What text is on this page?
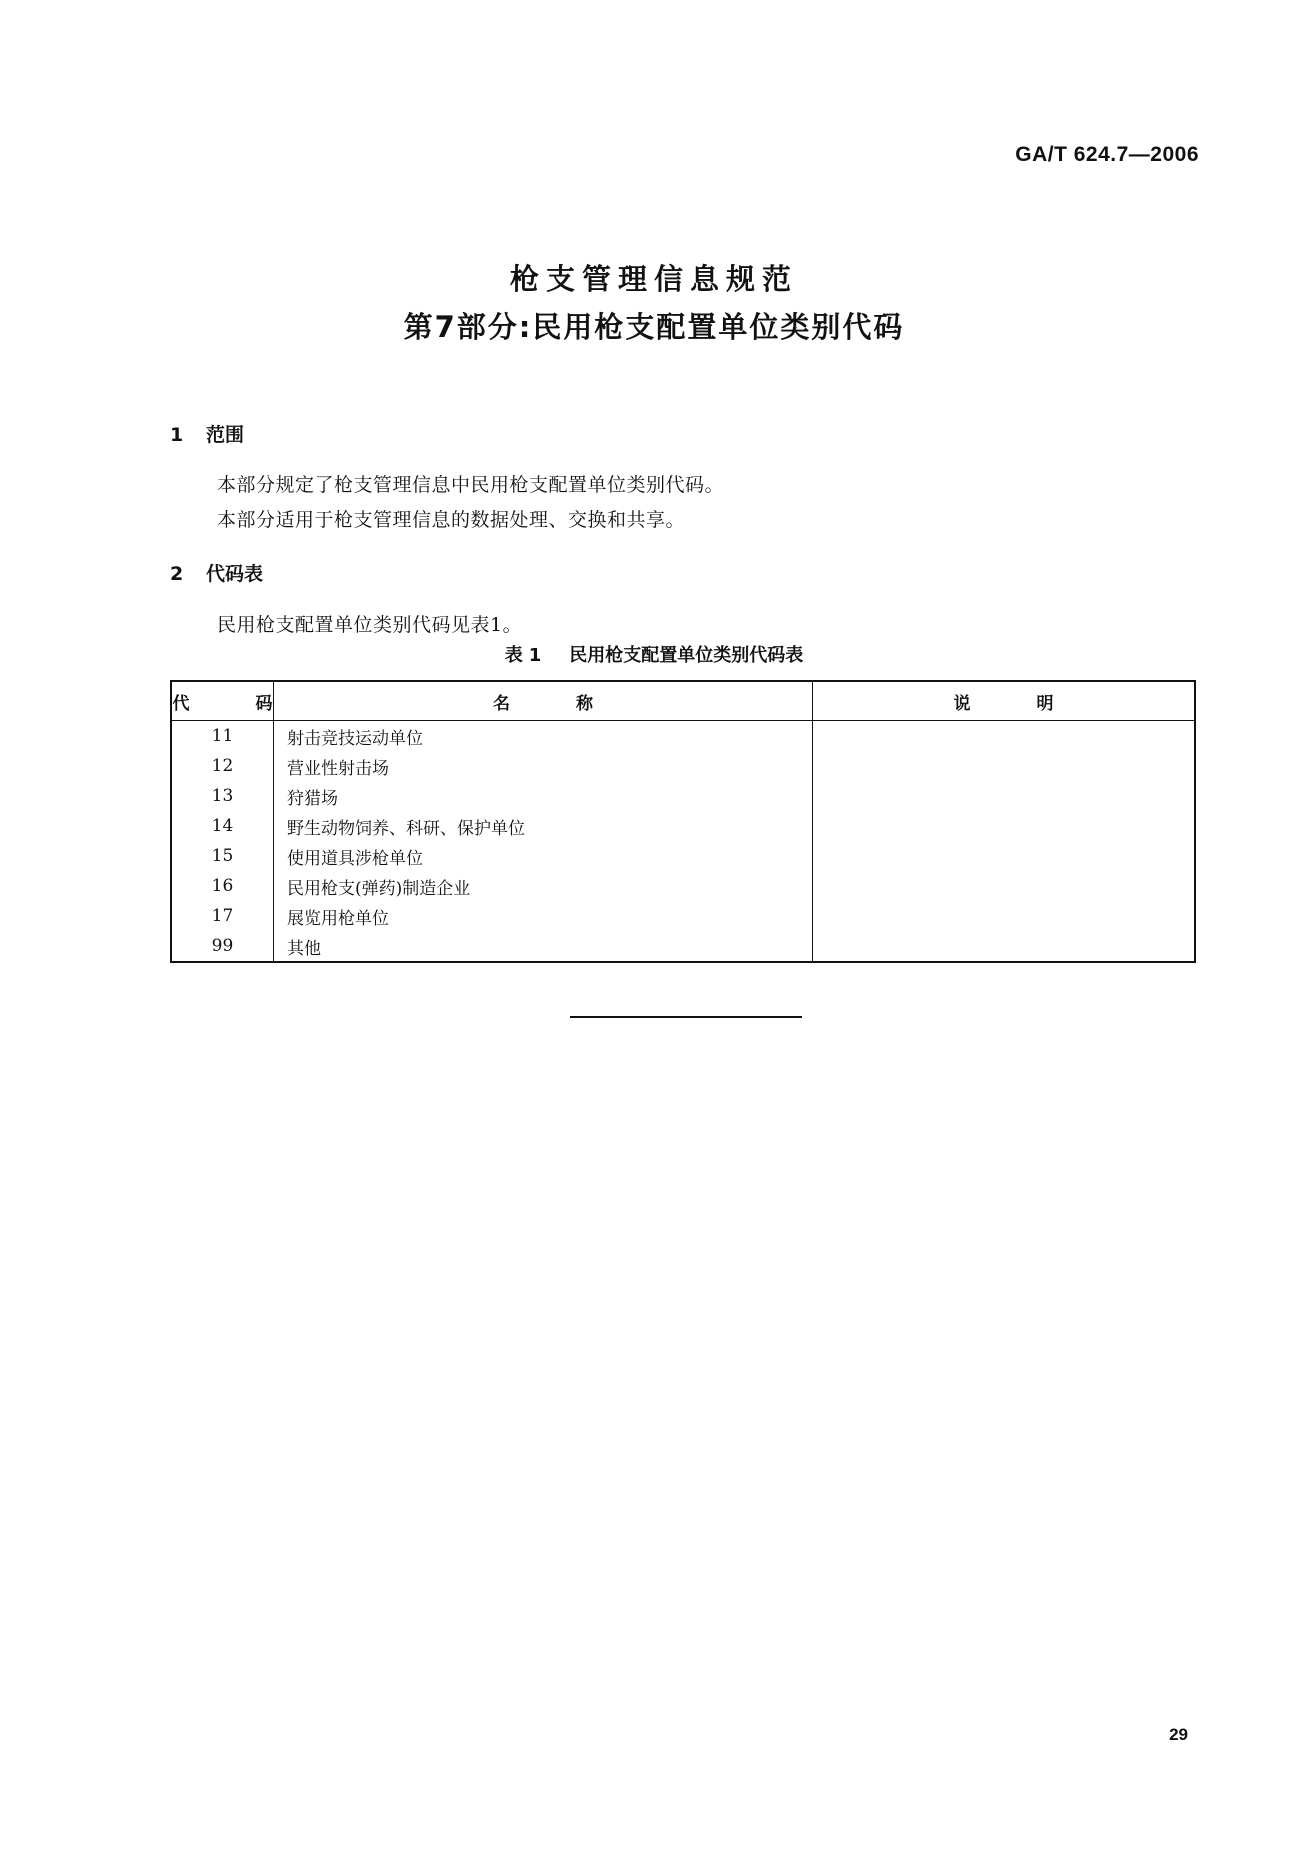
GA/T 624.7—2006
枪支管理信息规范
第7部分:民用枪支配置单位类别代码
1 范围
本部分规定了枪支管理信息中民用枪支配置单位类别代码。
本部分适用于枪支管理信息的数据处理、交换和共享。
2 代码表
民用枪支配置单位类别代码见表1。
表1 民用枪支配置单位类别代码表
代 码	名 称	说 明
11	射击竞技运动单位	
12	营业性射击场	
13	狩猎场	
14	野生动物饲养、科研、保护单位	
15	使用道具涉枪单位	
16	民用枪支(弹药)制造企业	
17	展览用枪单位	
99	其他	
29
